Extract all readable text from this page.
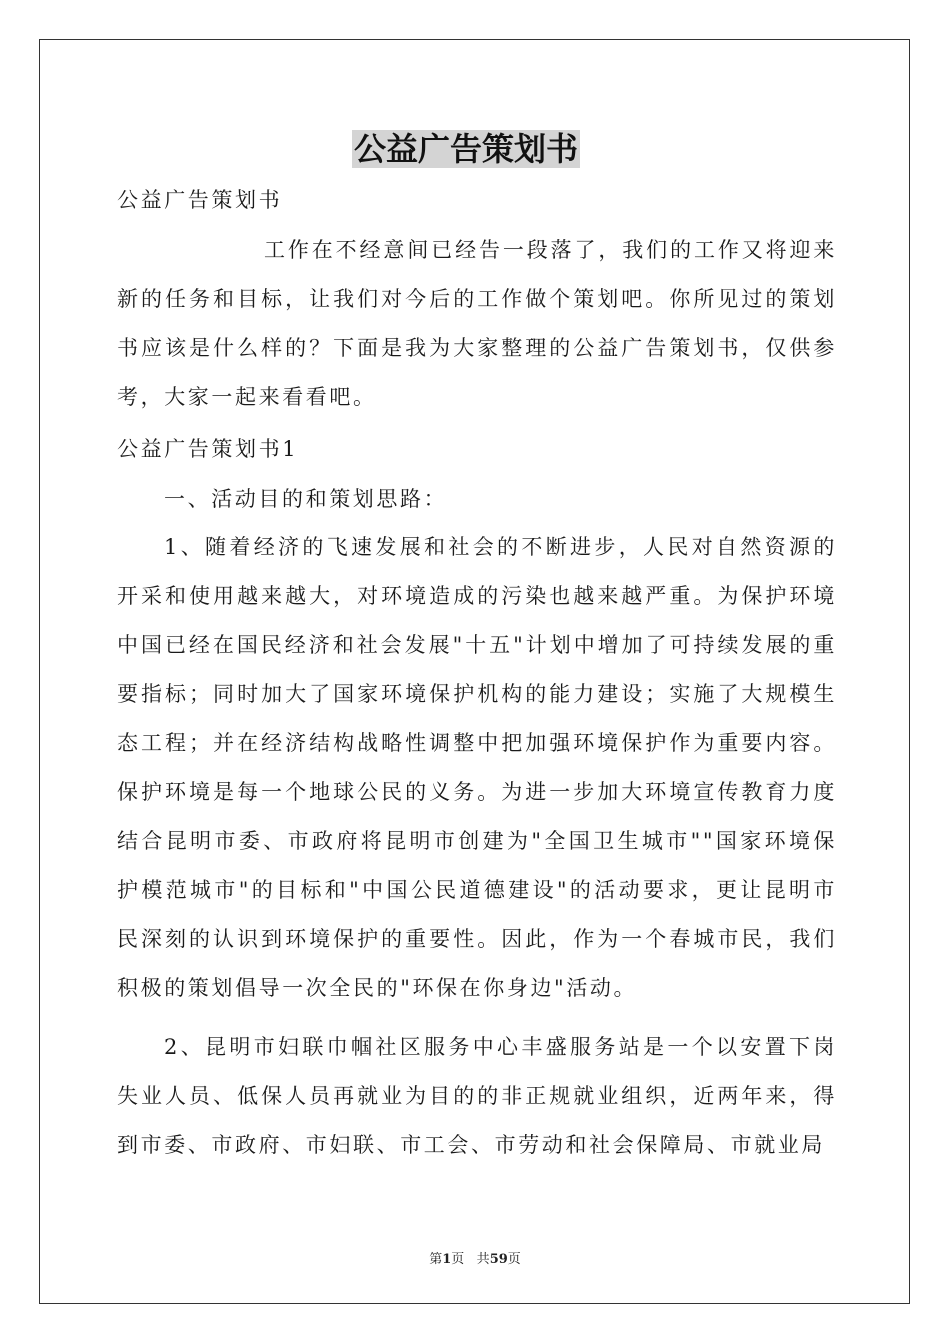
公益广告策划书

公益广告策划书

工作在不经意间已经告一段落了，我们的工作又将迎来新的任务和目标，让我们对今后的工作做个策划吧。你所见过的策划书应该是什么样的？下面是我为大家整理的公益广告策划书，仅供参考，大家一起来看看吧。

公益广告策划书1

一、活动目的和策划思路：

1、随着经济的飞速发展和社会的不断进步，人民对自然资源的开采和使用越来越大，对环境造成的污染也越来越严重。为保护环境中国已经在国民经济和社会发展"十五"计划中增加了可持续发展的重要指标；同时加大了国家环境保护机构的能力建设；实施了大规模生态工程；并在经济结构战略性调整中把加强环境保护作为重要内容。保护环境是每一个地球公民的义务。为进一步加大环境宣传教育力度结合昆明市委、市政府将昆明市创建为"全国卫生城市""国家环境保护模范城市"的目标和"中国公民道德建设"的活动要求，更让昆明市民深刻的认识到环境保护的重要性。因此，作为一个春城市民，我们积极的策划倡导一次全民的"环保在你身边"活动。

2、昆明市妇联巾帼社区服务中心丰盛服务站是一个以安置下岗失业人员、低保人员再就业为目的的非正规就业组织，近两年来，得到市委、市政府、市妇联、市工会、市劳动和社会保障局、市就业局

第1页 共59页
